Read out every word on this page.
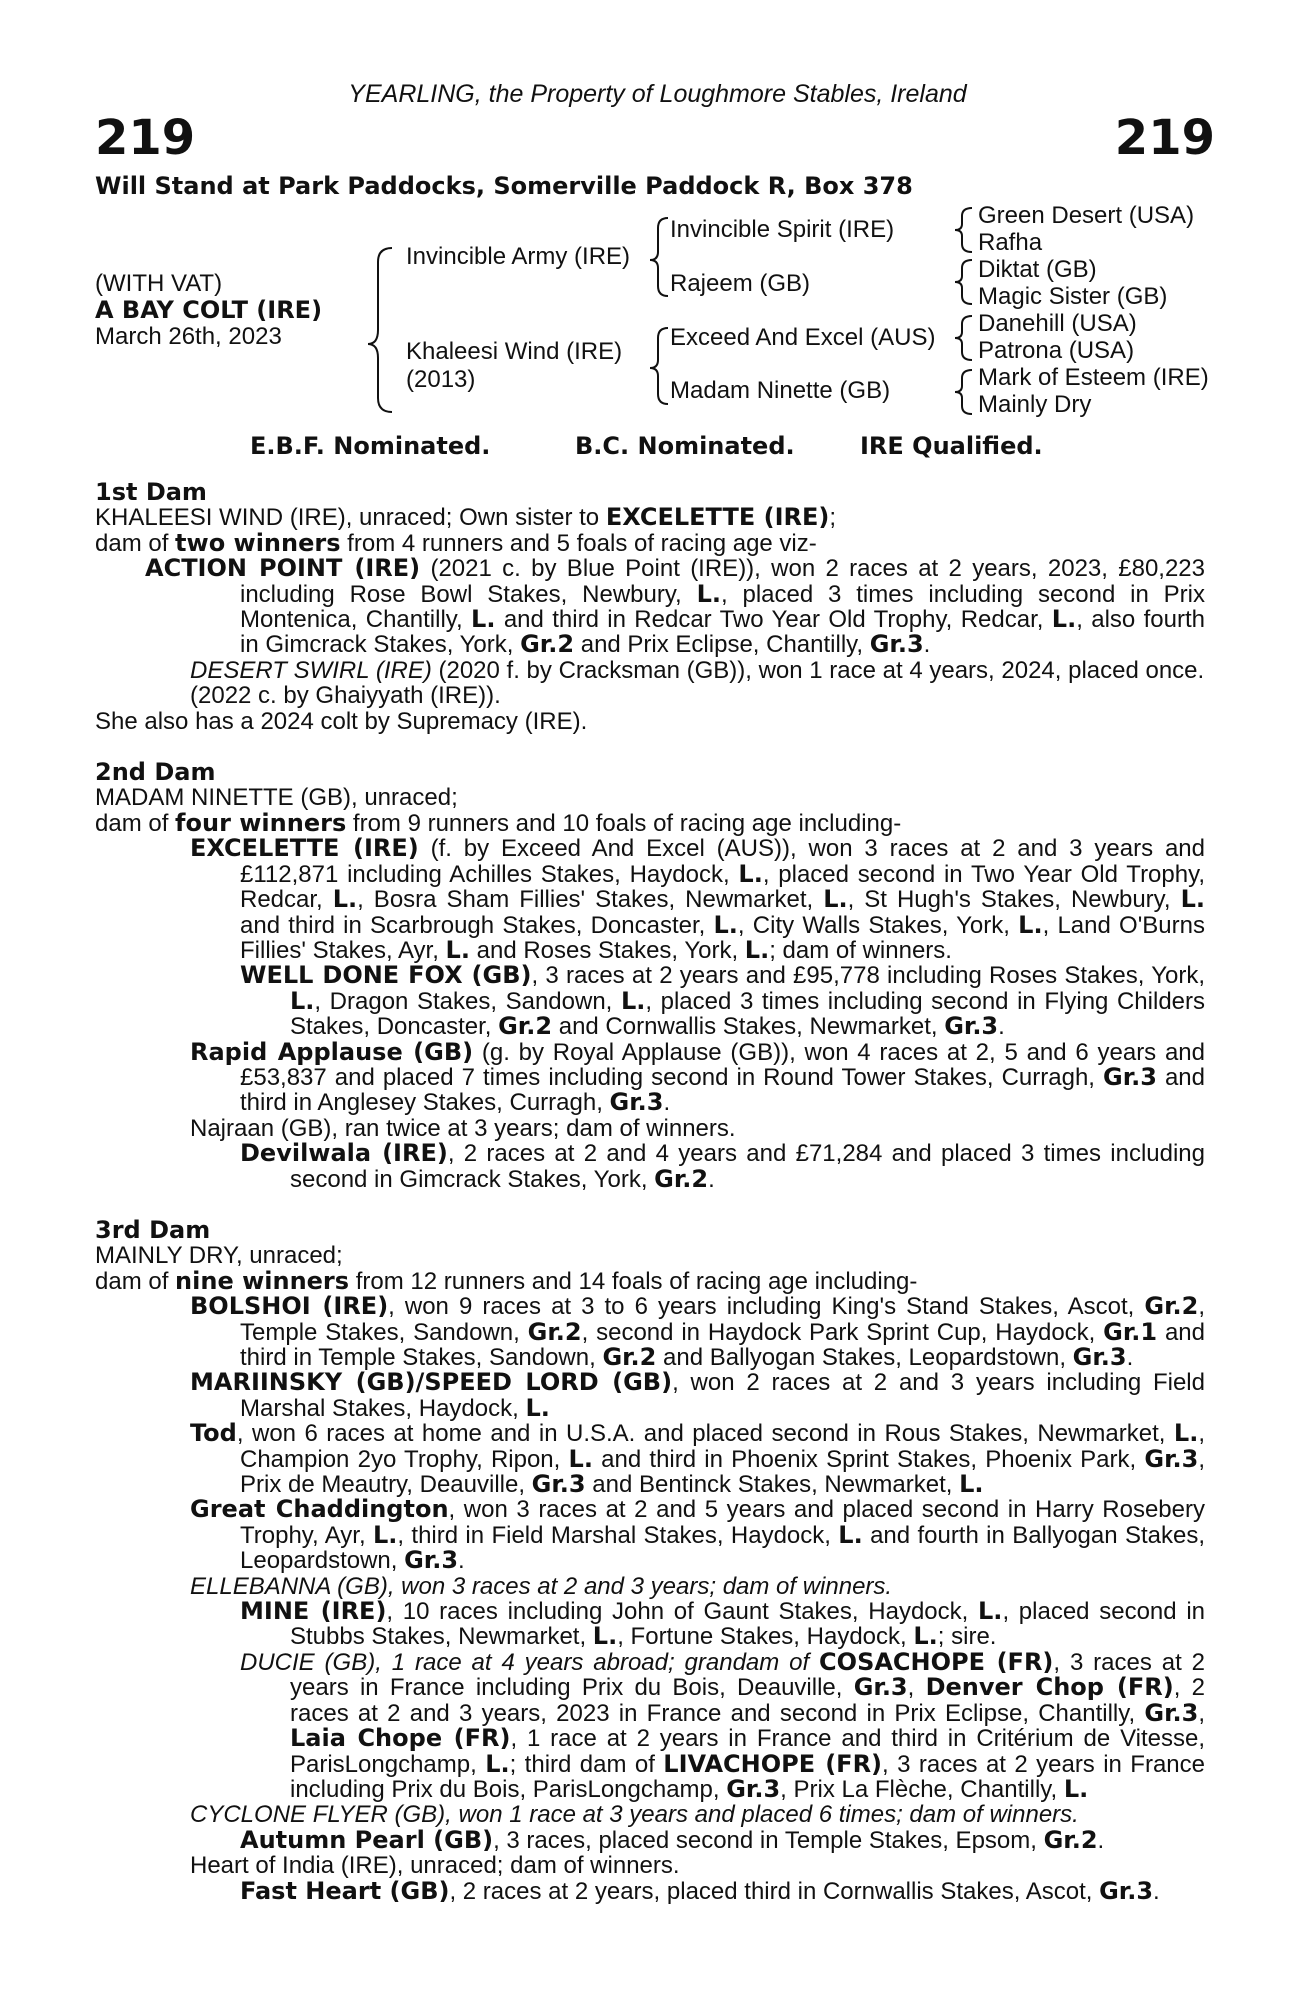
YEARLING, the Property of Loughmore Stables, Ireland
219	219
Will Stand at Park Paddocks, Somerville Paddock R, Box 378
(WITH VAT)
A BAY COLT (IRE)
March 26th, 2023
Invincible Army (IRE)
Khaleesi Wind (IRE)
(2013)
Invincible Spirit (IRE)
Rajeem (GB)
Exceed And Excel (AUS)
Madam Ninette (GB)
Green Desert (USA)
Rafha
Diktat (GB)
Magic Sister (GB)
Danehill (USA)
Patrona (USA)
Mark of Esteem (IRE)
Mainly Dry
E.B.F. Nominated.	B.C. Nominated.	IRE Qualified.
1st Dam
KHALEESI WIND (IRE), unraced; Own sister to EXCELETTE (IRE);
dam of two winners from 4 runners and 5 foals of racing age viz-
ACTION POINT (IRE) (2021 c. by Blue Point (IRE)), won 2 races at 2 years, 2023, £80,223 including Rose Bowl Stakes, Newbury, L., placed 3 times including second in Prix Montenica, Chantilly, L. and third in Redcar Two Year Old Trophy, Redcar, L., also fourth in Gimcrack Stakes, York, Gr.2 and Prix Eclipse, Chantilly, Gr.3.
DESERT SWIRL (IRE) (2020 f. by Cracksman (GB)), won 1 race at 4 years, 2024, placed once.
(2022 c. by Ghaiyyath (IRE)).
She also has a 2024 colt by Supremacy (IRE).
2nd Dam
MADAM NINETTE (GB), unraced;
dam of four winners from 9 runners and 10 foals of racing age including-
EXCELETTE (IRE) (f. by Exceed And Excel (AUS)), won 3 races at 2 and 3 years and £112,871 including Achilles Stakes, Haydock, L., placed second in Two Year Old Trophy, Redcar, L., Bosra Sham Fillies' Stakes, Newmarket, L., St Hugh's Stakes, Newbury, L. and third in Scarbrough Stakes, Doncaster, L., City Walls Stakes, York, L., Land O'Burns Fillies' Stakes, Ayr, L. and Roses Stakes, York, L.; dam of winners.
WELL DONE FOX (GB), 3 races at 2 years and £95,778 including Roses Stakes, York, L., Dragon Stakes, Sandown, L., placed 3 times including second in Flying Childers Stakes, Doncaster, Gr.2 and Cornwallis Stakes, Newmarket, Gr.3.
Rapid Applause (GB) (g. by Royal Applause (GB)), won 4 races at 2, 5 and 6 years and £53,837 and placed 7 times including second in Round Tower Stakes, Curragh, Gr.3 and third in Anglesey Stakes, Curragh, Gr.3.
Najraan (GB), ran twice at 3 years; dam of winners.
Devilwala (IRE), 2 races at 2 and 4 years and £71,284 and placed 3 times including second in Gimcrack Stakes, York, Gr.2.
3rd Dam
MAINLY DRY, unraced;
dam of nine winners from 12 runners and 14 foals of racing age including-
BOLSHOI (IRE), won 9 races at 3 to 6 years including King's Stand Stakes, Ascot, Gr.2, Temple Stakes, Sandown, Gr.2, second in Haydock Park Sprint Cup, Haydock, Gr.1 and third in Temple Stakes, Sandown, Gr.2 and Ballyogan Stakes, Leopardstown, Gr.3.
MARIINSKY (GB)/SPEED LORD (GB), won 2 races at 2 and 3 years including Field Marshal Stakes, Haydock, L.
Tod, won 6 races at home and in U.S.A. and placed second in Rous Stakes, Newmarket, L., Champion 2yo Trophy, Ripon, L. and third in Phoenix Sprint Stakes, Phoenix Park, Gr.3, Prix de Meautry, Deauville, Gr.3 and Bentinck Stakes, Newmarket, L.
Great Chaddington, won 3 races at 2 and 5 years and placed second in Harry Rosebery Trophy, Ayr, L., third in Field Marshal Stakes, Haydock, L. and fourth in Ballyogan Stakes, Leopardstown, Gr.3.
ELLEBANNA (GB), won 3 races at 2 and 3 years; dam of winners.
MINE (IRE), 10 races including John of Gaunt Stakes, Haydock, L., placed second in Stubbs Stakes, Newmarket, L., Fortune Stakes, Haydock, L.; sire.
DUCIE (GB), 1 race at 4 years abroad; grandam of COSACHOPE (FR), 3 races at 2 years in France including Prix du Bois, Deauville, Gr.3, Denver Chop (FR), 2 races at 2 and 3 years, 2023 in France and second in Prix Eclipse, Chantilly, Gr.3, Laia Chope (FR), 1 race at 2 years in France and third in Critérium de Vitesse, ParisLongchamp, L.; third dam of LIVACHOPE (FR), 3 races at 2 years in France including Prix du Bois, ParisLongchamp, Gr.3, Prix La Flèche, Chantilly, L.
CYCLONE FLYER (GB), won 1 race at 3 years and placed 6 times; dam of winners.
Autumn Pearl (GB), 3 races, placed second in Temple Stakes, Epsom, Gr.2.
Heart of India (IRE), unraced; dam of winners.
Fast Heart (GB), 2 races at 2 years, placed third in Cornwallis Stakes, Ascot, Gr.3.
